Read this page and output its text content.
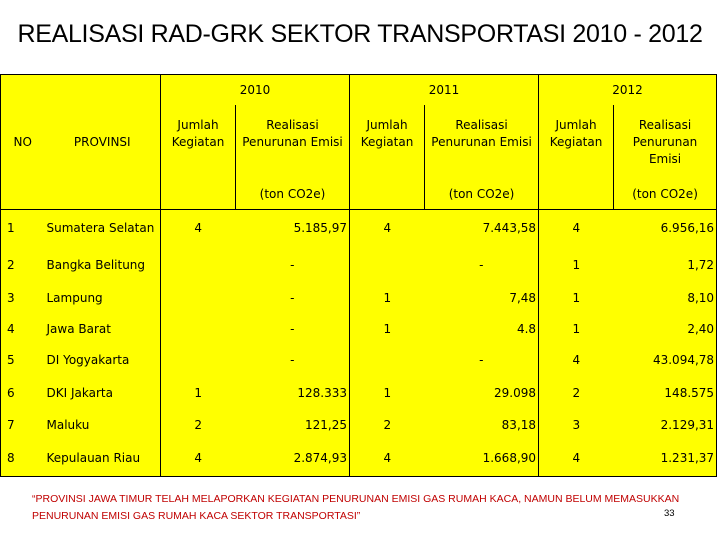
REALISASI RAD-GRK SEKTOR TRANSPORTASI 2010 - 2012
		2010		2011		2012	
NO	PROVINSI	Jumlah Kegiatan	Realisasi Penurunan Emisi	Jumlah Kegiatan	Realisasi Penurunan Emisi	Jumlah Kegiatan	Realisasi Penurunan Emisi
			(ton CO2e)		(ton CO2e)		(ton CO2e)
1	Sumatera Selatan	4	5.185,97	4	7.443,58	4	6.956,16
2	Bangka Belitung		-		-	1	1,72
3	Lampung		-	1	7,48	1	8,10
4	Jawa Barat		-	1	4.8	1	2,40
5	DI Yogyakarta		-		-	4	43.094,78
6	DKI Jakarta	1	128.333	1	29.098	2	148.575
7	Maluku	2	121,25	2	83,18	3	2.129,31
8	Kepulauan Riau	4	2.874,93	4	1.668,90	4	1.231,37
“PROVINSI JAWA TIMUR TELAH MELAPORKAN KEGIATAN PENURUNAN EMISI GAS RUMAH KACA, NAMUN BELUM MEMASUKKAN PENURUNAN EMISI GAS RUMAH KACA SEKTOR TRANSPORTASI”	33
